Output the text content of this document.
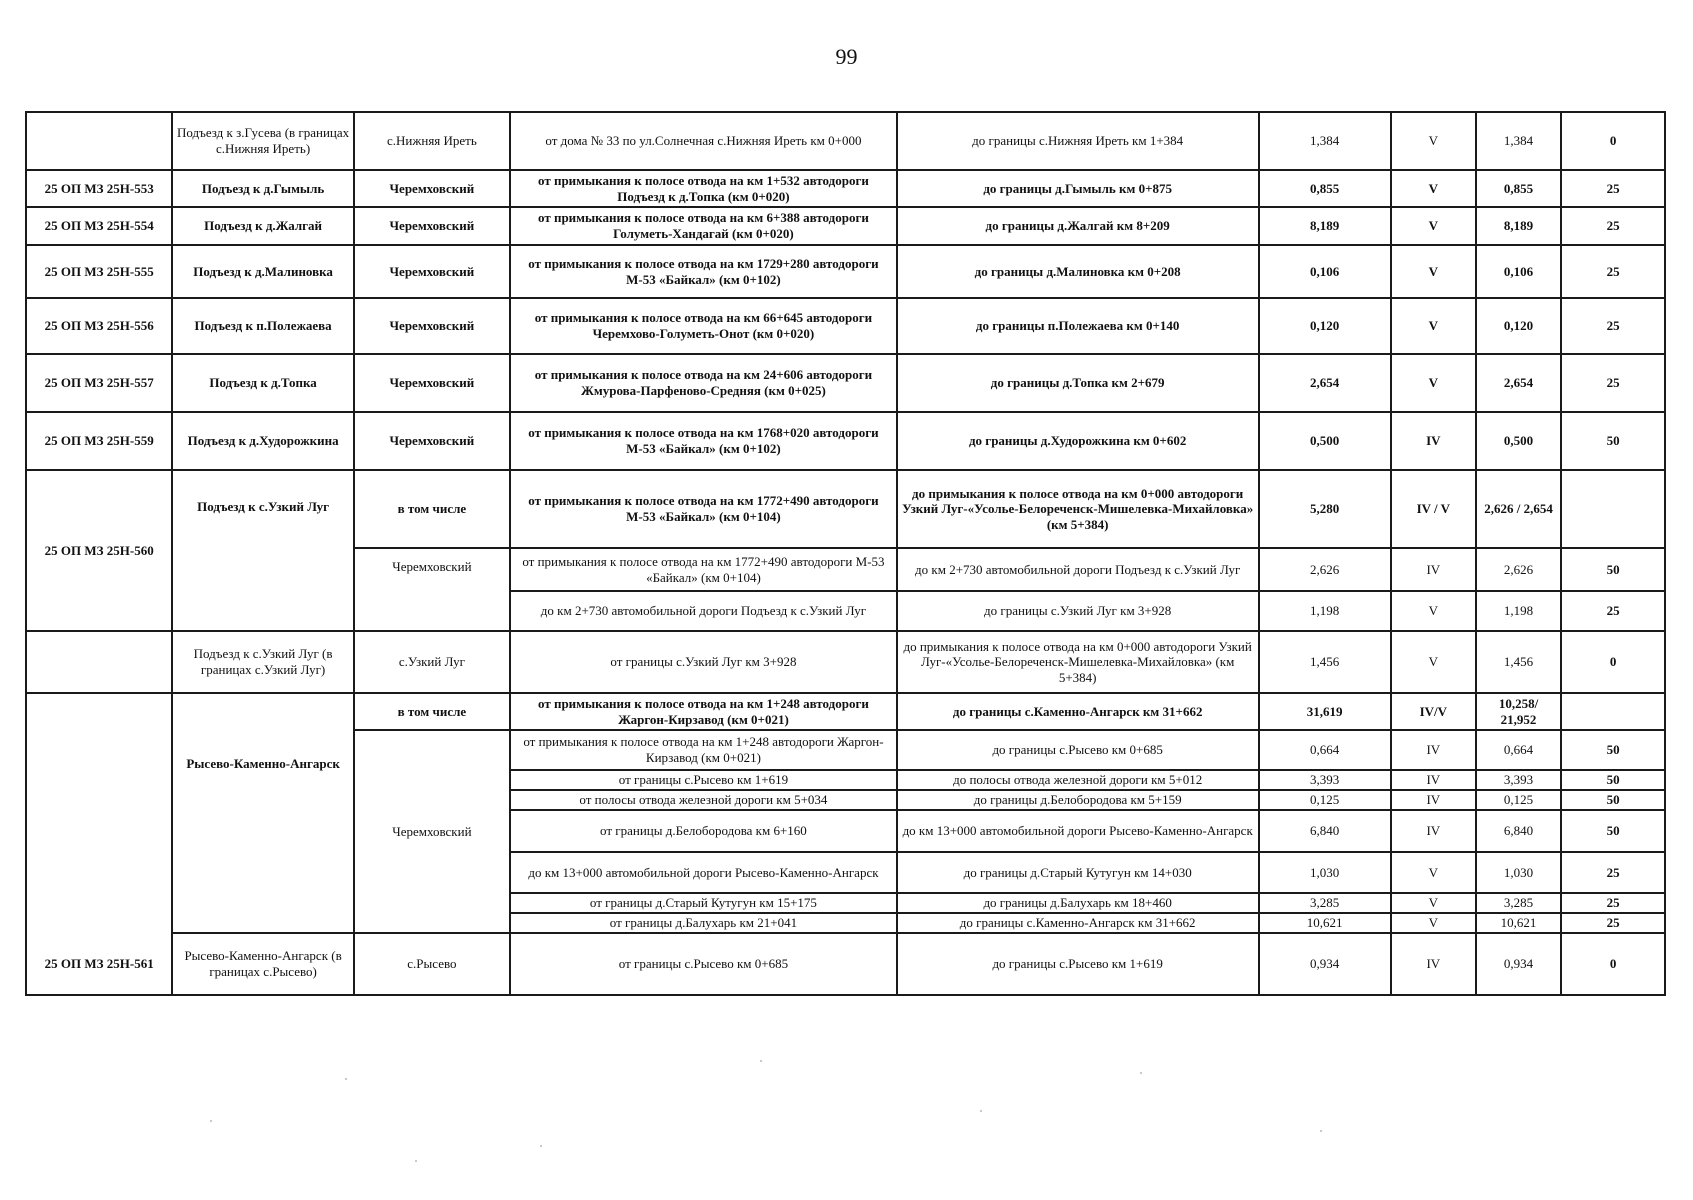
99
	Подъезд к з.Гусева (в границах с.Нижняя Иреть)	с.Нижняя Иреть	от дома № 33 по ул.Солнечная с.Нижняя Иреть км 0+000	до границы с.Нижняя Иреть км 1+384	1,384	V	1,384	0
25 ОП МЗ 25Н-553	Подъезд к д.Гымыль	Черемховский	от примыкания к полосе отвода на км 1+532 автодороги Подъезд к д.Топка (км 0+020)	до границы д.Гымыль км 0+875	0,855	V	0,855	25
25 ОП МЗ 25Н-554	Подъезд к д.Жалгай	Черемховский	от примыкания к полосе отвода на км 6+388 автодороги Голуметь-Хандагай (км 0+020)	до границы д.Жалгай км 8+209	8,189	V	8,189	25
25 ОП МЗ 25Н-555	Подъезд к д.Малиновка	Черемховский	от примыкания к полосе отвода на км 1729+280 автодороги М-53 «Байкал» (км 0+102)	до границы д.Малиновка км 0+208	0,106	V	0,106	25
25 ОП МЗ 25Н-556	Подъезд к п.Полежаева	Черемховский	от примыкания к полосе отвода на км 66+645 автодороги Черемхово-Голуметь-Онот (км 0+020)	до границы п.Полежаева км 0+140	0,120	V	0,120	25
25 ОП МЗ 25Н-557	Подъезд к д.Топка	Черемховский	от примыкания к полосе отвода на км 24+606 автодороги Жмурова-Парфеново-Средняя (км 0+025)	до границы д.Топка км 2+679	2,654	V	2,654	25
25 ОП МЗ 25Н-559	Подъезд к д.Худорожкина	Черемховский	от примыкания к полосе отвода на км 1768+020 автодороги М-53 «Байкал» (км 0+102)	до границы д.Худорожкина км 0+602	0,500	IV	0,500	50
25 ОП МЗ 25Н-560	Подъезд к с.Узкий Луг	в том числе	от примыкания к полосе отвода на км 1772+490 автодороги М-53 «Байкал» (км 0+104)	до примыкания к полосе отвода на км 0+000 автодороги Узкий Луг-«Усолье-Белореченск-Мишелевка-Михайловка» (км 5+384)	5,280	IV / V	2,626 / 2,654	
		Черемховский	от примыкания к полосе отвода на км 1772+490 автодороги М-53 «Байкал» (км 0+104)	до км 2+730 автомобильной дороги Подъезд к с.Узкий Луг	2,626	IV	2,626	50
			до км 2+730 автомобильной дороги Подъезд к с.Узкий Луг	до границы с.Узкий Луг км 3+928	1,198	V	1,198	25
	Подъезд к с.Узкий Луг (в границах с.Узкий Луг)	с.Узкий Луг	от границы с.Узкий Луг км 3+928	до примыкания к полосе отвода на км 0+000 автодороги Узкий Луг-«Усолье-Белореченск-Мишелевка-Михайловка» (км 5+384)	1,456	V	1,456	0
25 ОП МЗ 25Н-561	Рысево-Каменно-Ангарск	в том числе	от примыкания к полосе отвода на км 1+248 автодороги Жаргон-Кирзавод (км 0+021)	до границы с.Каменно-Ангарск км 31+662	31,619	IV/V	10,258/ 21,952	
		Черемховский	от примыкания к полосе отвода на км 1+248 автодороги Жаргон-Кирзавод (км 0+021)	до границы с.Рысево км 0+685	0,664	IV	0,664	50
			от границы с.Рысево км 1+619	до полосы отвода железной дороги км 5+012	3,393	IV	3,393	50
			от полосы отвода железной дороги км 5+034	до границы д.Белобородова км 5+159	0,125	IV	0,125	50
			от границы д.Белобородова км 6+160	до км 13+000 автомобильной дороги Рысево-Каменно-Ангарск	6,840	IV	6,840	50
			до км 13+000 автомобильной дороги Рысево-Каменно-Ангарск	до границы д.Старый Кутугун км 14+030	1,030	V	1,030	25
			от границы д.Старый Кутугун км 15+175	до границы д.Балухарь км 18+460	3,285	V	3,285	25
			от границы д.Балухарь км 21+041	до границы с.Каменно-Ангарск км 31+662	10,621	V	10,621	25
	Рысево-Каменно-Ангарск (в границах с.Рысево)	с.Рысево	от границы с.Рысево км 0+685	до границы с.Рысево км 1+619	0,934	IV	0,934	0
